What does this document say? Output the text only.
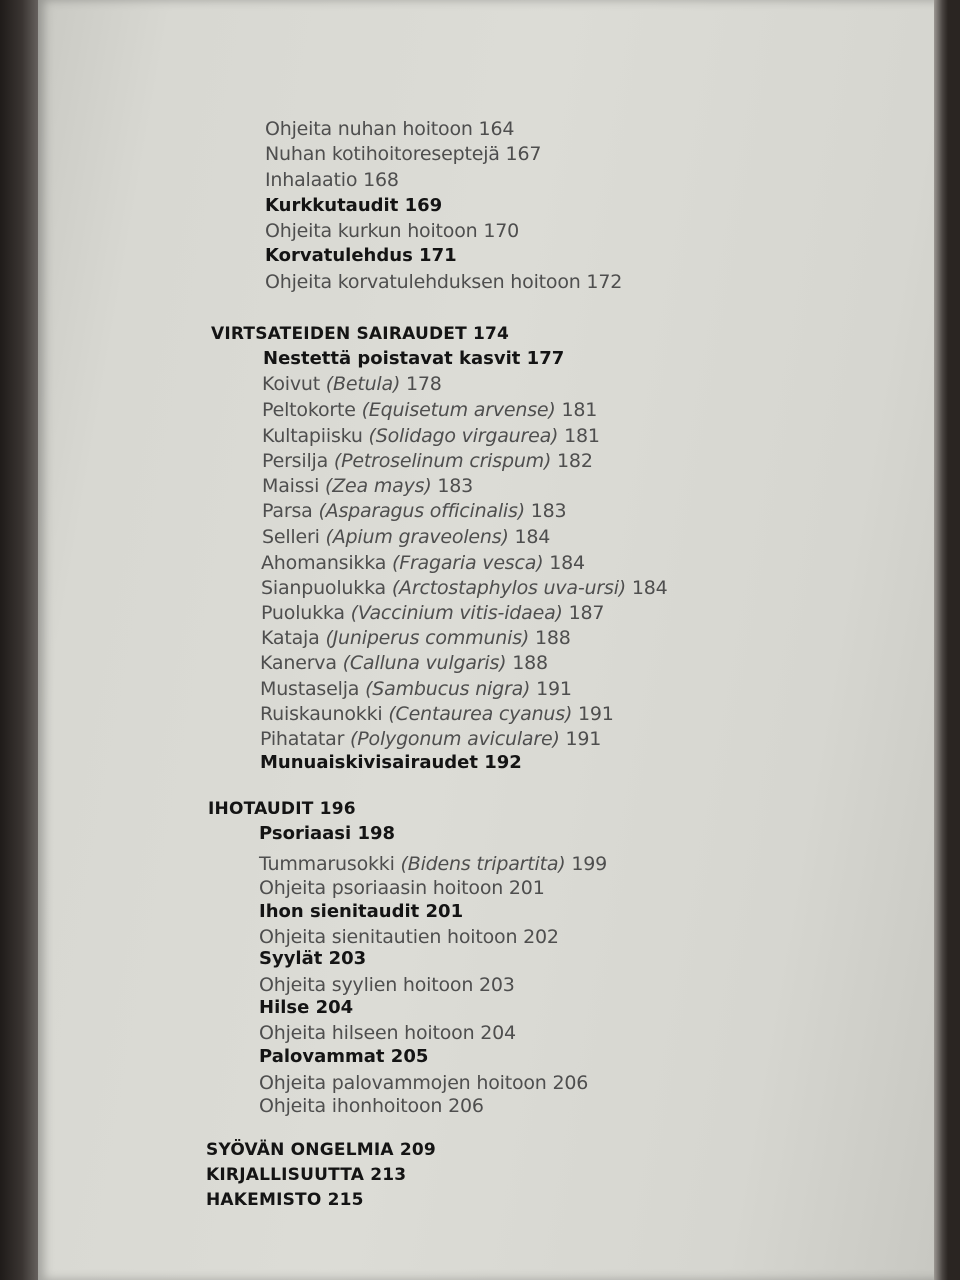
Ohjeita nuhan hoitoon 164
Nuhan kotihoitoreseptejä 167
Inhalaatio 168
Kurkkutaudit 169
Ohjeita kurkun hoitoon 170
Korvatulehdus 171
Ohjeita korvatulehduksen hoitoon 172
VIRTSATEIDEN SAIRAUDET 174
Nestettä poistavat kasvit 177
Koivut (Betula) 178
Peltokorte (Equisetum arvense) 181
Kultapiisku (Solidago virgaurea) 181
Persilja (Petroselinum crispum) 182
Maissi (Zea mays) 183
Parsa (Asparagus officinalis) 183
Selleri (Apium graveolens) 184
Ahomansikka (Fragaria vesca) 184
Sianpuolukka (Arctostaphylos uva-ursi) 184
Puolukka (Vaccinium vitis-idaea) 187
Kataja (Juniperus communis) 188
Kanerva (Calluna vulgaris) 188
Mustaselja (Sambucus nigra) 191
Ruiskaunokki (Centaurea cyanus) 191
Pihatatar (Polygonum aviculare) 191
Munuaiskivisairaudet 192
IHOTAUDIT 196
Psoriaasi 198
Tummarusokki (Bidens tripartita) 199
Ohjeita psoriaasin hoitoon 201
Ihon sienitaudit 201
Ohjeita sienitautien hoitoon 202
Syylät 203
Ohjeita syylien hoitoon 203
Hilse 204
Ohjeita hilseen hoitoon 204
Palovammat 205
Ohjeita palovammojen hoitoon 206
Ohjeita ihonhoitoon 206
SYÖVÄN ONGELMIA 209
KIRJALLISUUTTA 213
HAKEMISTO 215
